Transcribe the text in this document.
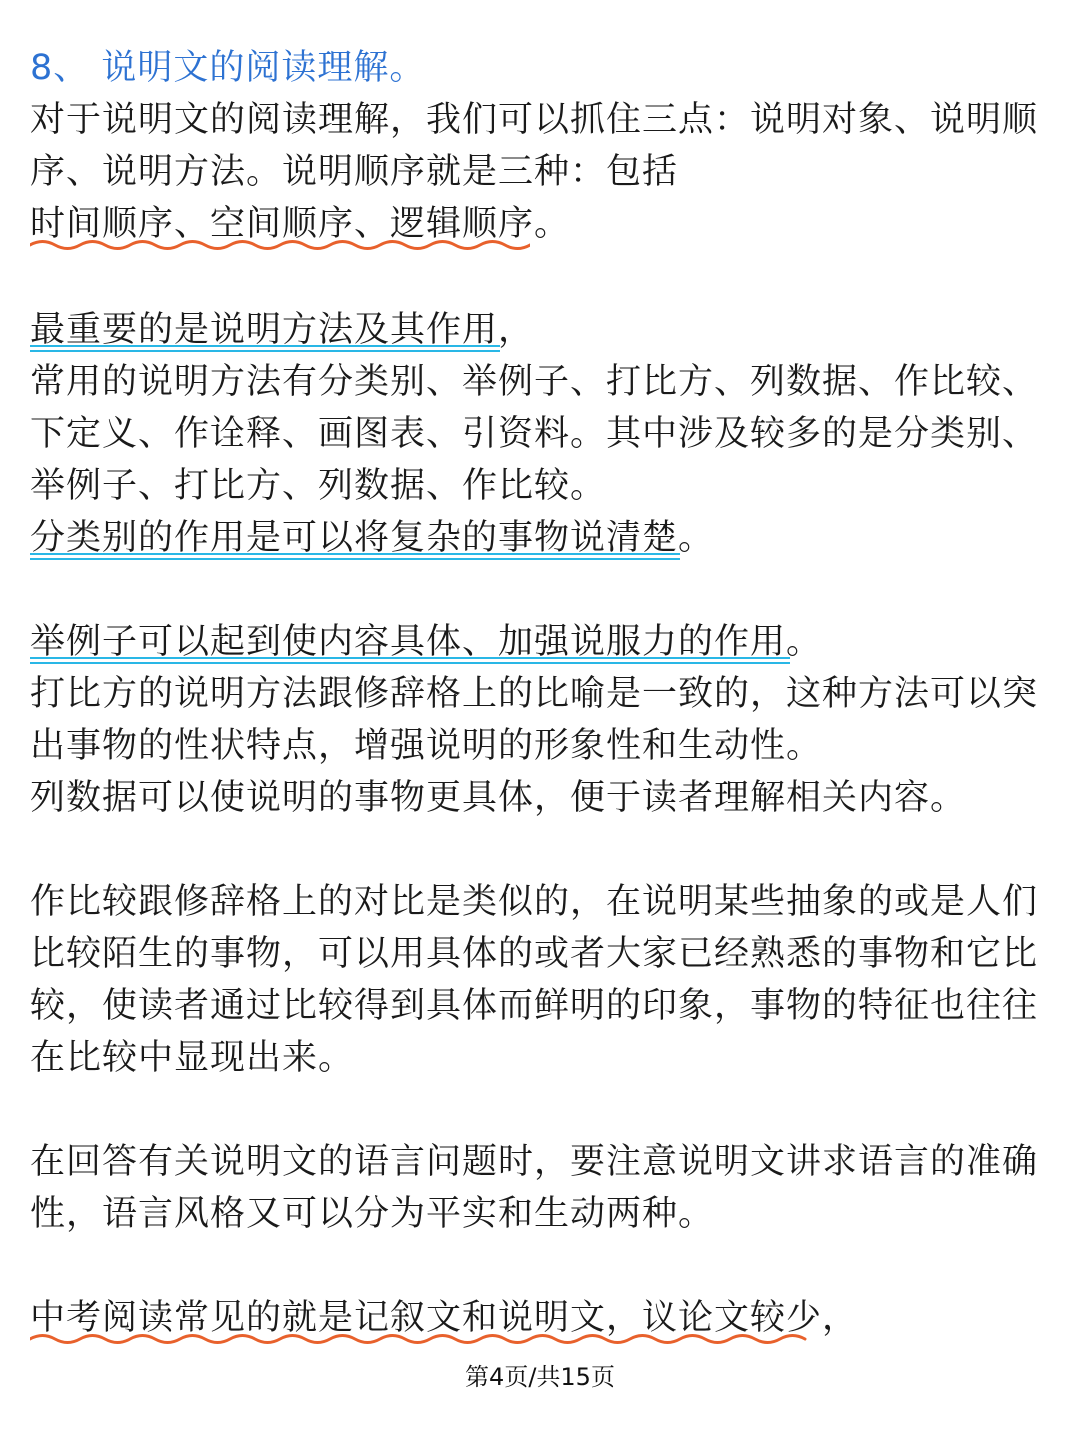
8、 说明文的阅读理解。
对于说明文的阅读理解，我们可以抓住三点：说明对象、说明顺
序、说明方法。说明顺序就是三种：包括
时间顺序、空间顺序、逻辑顺序。
最重要的是说明方法及其作用，
常用的说明方法有分类别、举例子、打比方、列数据、作比较、
下定义、作诠释、画图表、引资料。其中涉及较多的是分类别、
举例子、打比方、列数据、作比较。
分类别的作用是可以将复杂的事物说清楚。
举例子可以起到使内容具体、加强说服力的作用。
打比方的说明方法跟修辞格上的比喻是一致的，这种方法可以突
出事物的性状特点，增强说明的形象性和生动性。
列数据可以使说明的事物更具体，便于读者理解相关内容。
作比较跟修辞格上的对比是类似的，在说明某些抽象的或是人们
比较陌生的事物，可以用具体的或者大家已经熟悉的事物和它比
较，使读者通过比较得到具体而鲜明的印象，事物的特征也往往
在比较中显现出来。
在回答有关说明文的语言问题时，要注意说明文讲求语言的准确
性，语言风格又可以分为平实和生动两种。
中考阅读常见的就是记叙文和说明文，议论文较少，
第4页/共15页
